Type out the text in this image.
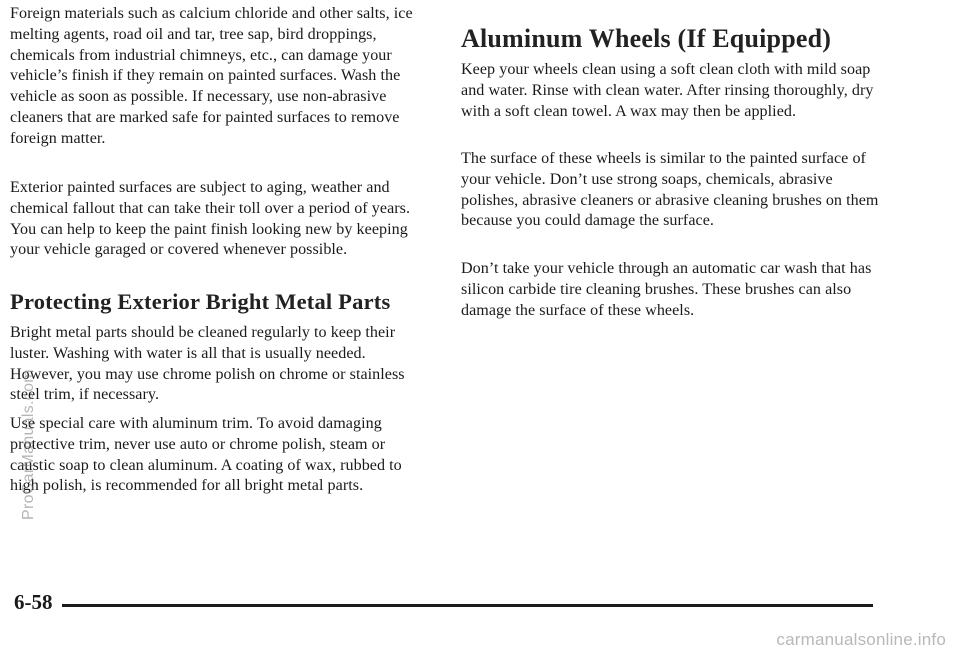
Foreign materials such as calcium chloride and other salts, ice melting agents, road oil and tar, tree sap, bird droppings, chemicals from industrial chimneys, etc., can damage your vehicle’s finish if they remain on painted surfaces. Wash the vehicle as soon as possible. If necessary, use non-abrasive cleaners that are marked safe for painted surfaces to remove foreign matter.

Exterior painted surfaces are subject to aging, weather and chemical fallout that can take their toll over a period of years. You can help to keep the paint finish looking new by keeping your vehicle garaged or covered whenever possible.

Protecting Exterior Bright Metal Parts

Bright metal parts should be cleaned regularly to keep their luster. Washing with water is all that is usually needed. However, you may use chrome polish on chrome or stainless steel trim, if necessary.

Use special care with aluminum trim. To avoid damaging protective trim, never use auto or chrome polish, steam or caustic soap to clean aluminum. A coating of wax, rubbed to high polish, is recommended for all bright metal parts.

Aluminum Wheels (If Equipped)

Keep your wheels clean using a soft clean cloth with mild soap and water. Rinse with clean water. After rinsing thoroughly, dry with a soft clean towel. A wax may then be applied.

The surface of these wheels is similar to the painted surface of your vehicle. Don’t use strong soaps, chemicals, abrasive polishes, abrasive cleaners or abrasive cleaning brushes on them because you could damage the surface.

Don’t take your vehicle through an automatic car wash that has silicon carbide tire cleaning brushes. These brushes can also damage the surface of these wheels.

6-58
ProCarManuals.com
carmanualsonline.info
